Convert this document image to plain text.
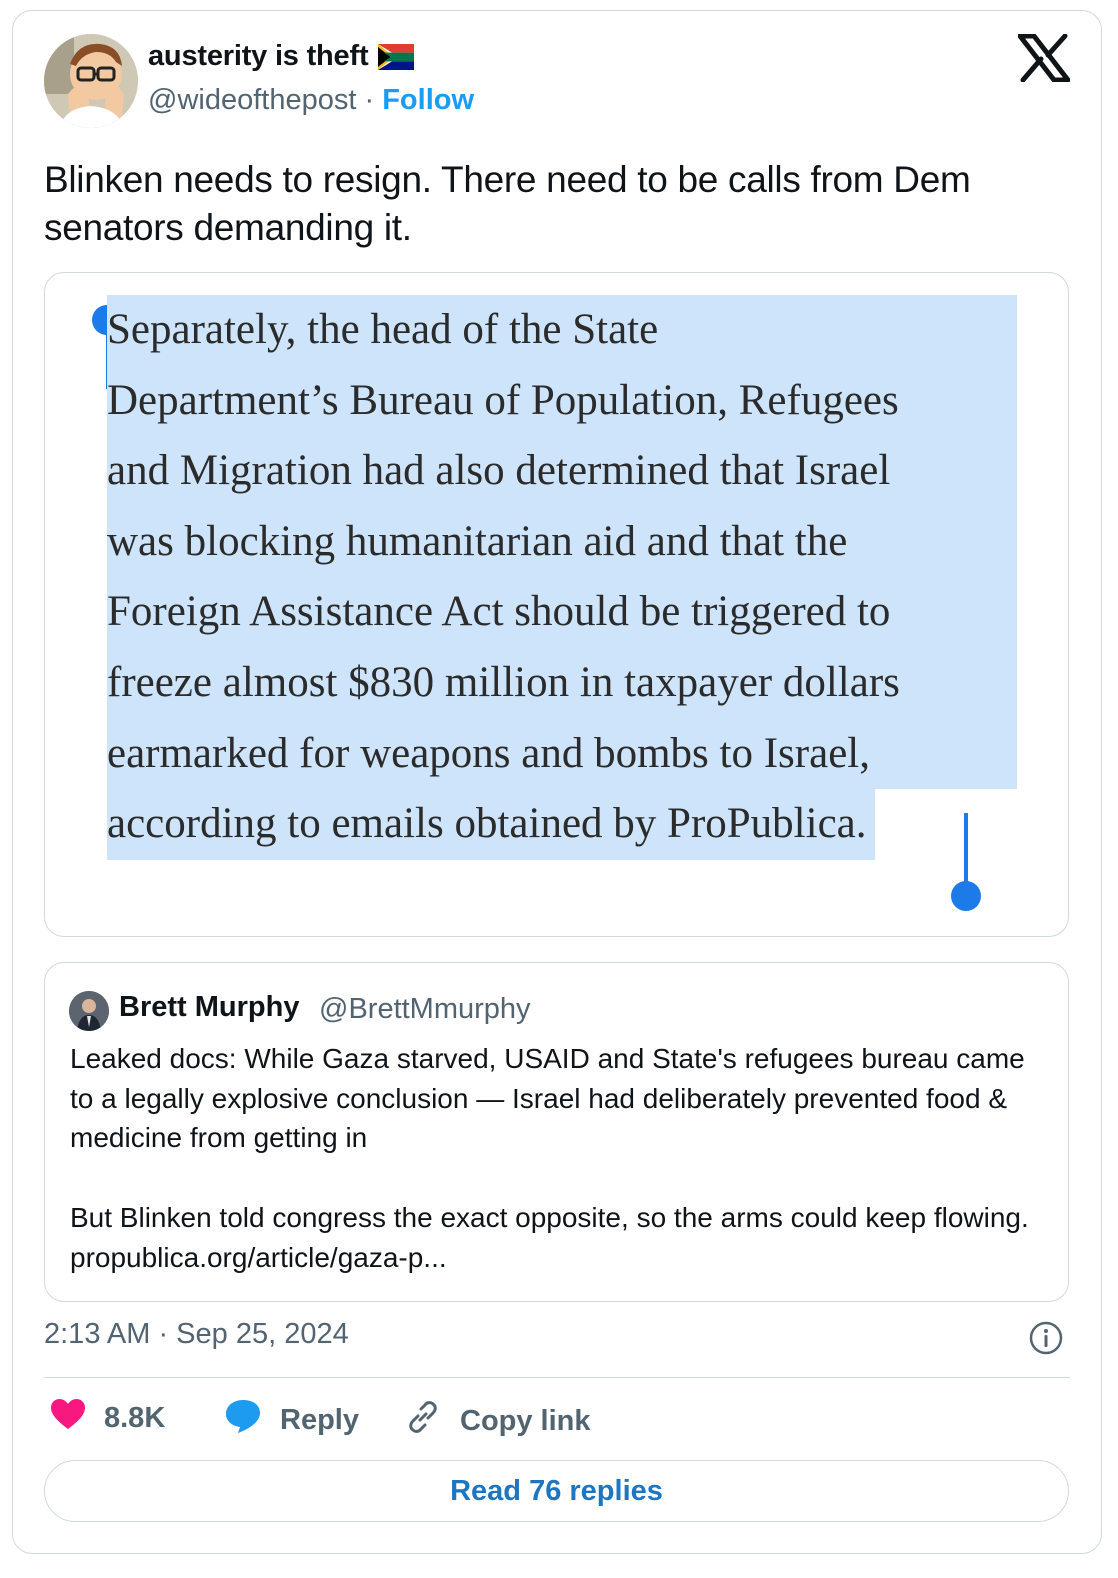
austerity is theft
@wideofthepost · Follow
Blinken needs to resign. There need to be calls from Dem senators demanding it.
Separately, the head of the State
Department’s Bureau of Population, Refugees
and Migration had also determined that Israel
was blocking humanitarian aid and that the
Foreign Assistance Act should be triggered to
freeze almost $830 million in taxpayer dollars
earmarked for weapons and bombs to Israel,
according to emails obtained by ProPublica.
Brett Murphy @BrettMmurphy
Leaked docs: While Gaza starved, USAID and State's refugees bureau came to a legally explosive conclusion — Israel had deliberately prevented food & medicine from getting in
But Blinken told congress the exact opposite, so the arms could keep flowing. propublica.org/article/gaza-p...
2:13 AM · Sep 25, 2024
8.8K	Reply	Copy link
Read 76 replies
